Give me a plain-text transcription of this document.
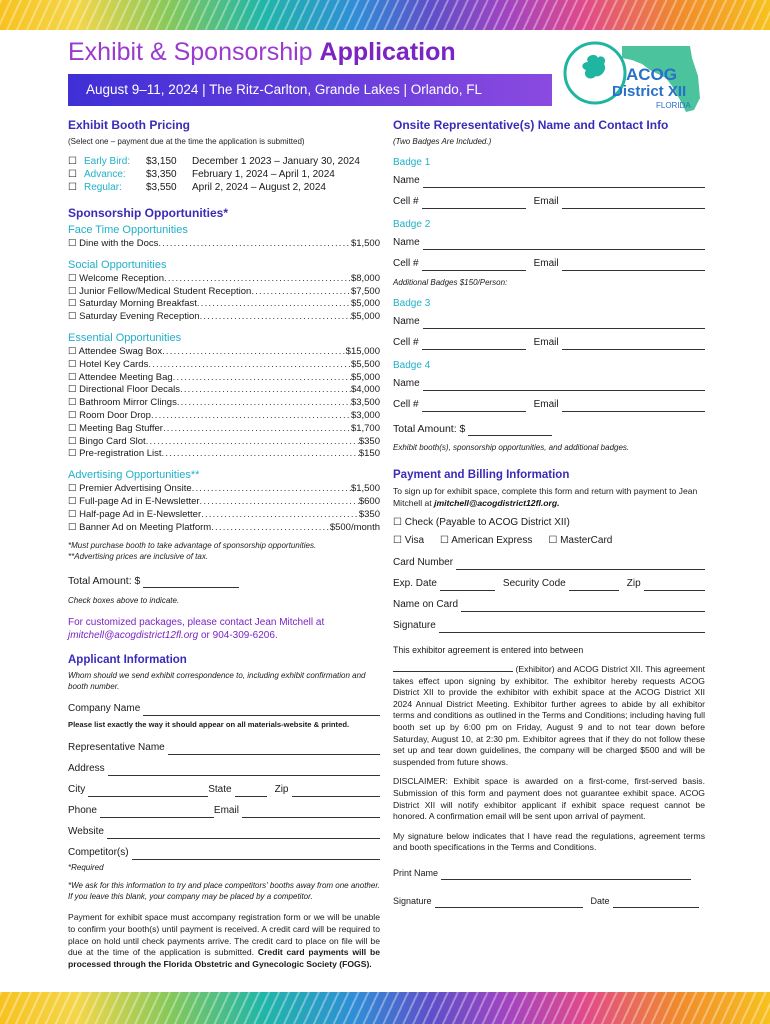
Exhibit & Sponsorship Application
August 9–11, 2024 | The Ritz-Carlton, Grande Lakes | Orlando, FL
ACOG
District XII
FLORIDA
Exhibit Booth Pricing
(Select one – payment due at the time the application is submitted)
☐ Early Bird:	$3,150	December 1 2023 – January 30, 2024
☐ Advance:	$3,350	February 1, 2024 – April 1, 2024
☐ Regular:	$3,550	April 2, 2024 – August 2, 2024
Sponsorship Opportunities*
Face Time Opportunities
☐ Dine with the Docs .....	$1,500
Social Opportunities
☐ Welcome Reception .....	$8,000
☐ Junior Fellow/Medical Student Reception .....	$7,500
☐ Saturday Morning Breakfast .....	$5,000
☐ Saturday Evening Reception .....	$5,000
Essential Opportunities
☐ Attendee Swag Box .....	$15,000
☐ Hotel Key Cards .....	$5,500
☐ Attendee Meeting Bag .....	$5,000
☐ Directional Floor Decals .....	$4,000
☐ Bathroom Mirror Clings .....	$3,500
☐ Room Door Drop .....	$3,000
☐ Meeting Bag Stuffer .....	$1,700
☐ Bingo Card Slot .....	$350
☐ Pre-registration List .....	$150
Advertising Opportunities**
☐ Premier Advertising Onsite .....	$1,500
☐ Full-page Ad in E-Newsletter .....	$600
☐ Half-page Ad in E-Newsletter .....	$350
☐ Banner Ad on Meeting Platform .....	$500/month
*Must purchase booth to take advantage of sponsorship opportunities.
**Advertising prices are inclusive of tax.
Total Amount: $
Check boxes above to indicate.
For customized packages, please contact Jean Mitchell at
jmitchell@acogdistrict12fl.org or 904-309-6206.
Applicant Information
Whom should we send exhibit correspondence to, including exhibit confirmation and booth number.
Company Name
Please list exactly the way it should appear on all materials-website & printed.
Representative Name
Address
City	State	Zip
Phone	Email
Website
Competitor(s)
*Required
*We ask for this information to try and place competitors' booths away from one another. If you leave this blank, your company may be placed by a competitor.
Payment for exhibit space must accompany registration form or we will be unable to confirm your booth(s) until payment is received. A credit card will be required to place on hold until check payments arrive. The credit card to place on file will be due at the time of the application is submitted. Credit card payments will be processed through the Florida Obstetric and Gynecologic Society (FOGS).
Onsite Representative(s) Name and Contact Info
(Two Badges Are Included.)
Badge 1
Name
Cell #	Email
Badge 2
Name
Cell #	Email
Additional Badges $150/Person:
Badge 3
Name
Cell #	Email
Badge 4
Name
Cell #	Email
Total Amount: $
Exhibit booth(s), sponsorship opportunities, and additional badges.
Payment and Billing Information
To sign up for exhibit space, complete this form and return with payment to Jean Mitchell at jmitchell@acogdistrict12fl.org.
☐ Check (Payable to ACOG District XII)
☐ Visa ☐ American Express ☐ MasterCard
Card Number
Exp. Date	Security Code	Zip
Name on Card
Signature
This exhibitor agreement is entered into between
(Exhibitor) and ACOG District XII. This agreement takes effect upon signing by exhibitor. The exhibitor hereby requests ACOG District XII to provide the exhibitor with exhibit space at the ACOG District XII 2024 Annual District Meeting. Exhibitor further agrees to abide by all exhibitor terms and conditions as outlined in the Terms and Conditions; including having full booth set up by 6:00 pm on Friday, August 9 and to not tear down before Saturday, August 10, at 2:30 pm. Exhibitor agrees that if they do not follow these set up and tear down guidelines, the company will be charged $500 and will be suspended from future shows.
DISCLAIMER: Exhibit space is awarded on a first-come, first-served basis. Submission of this form and payment does not guarantee exhibit space. ACOG District XII will notify exhibitor applicant if exhibit space request cannot be honored. A confirmation email will be sent upon arrival of payment.
My signature below indicates that I have read the regulations, agreement terms and booth specifications in the Terms and Conditions.
Print Name
Signature	Date
